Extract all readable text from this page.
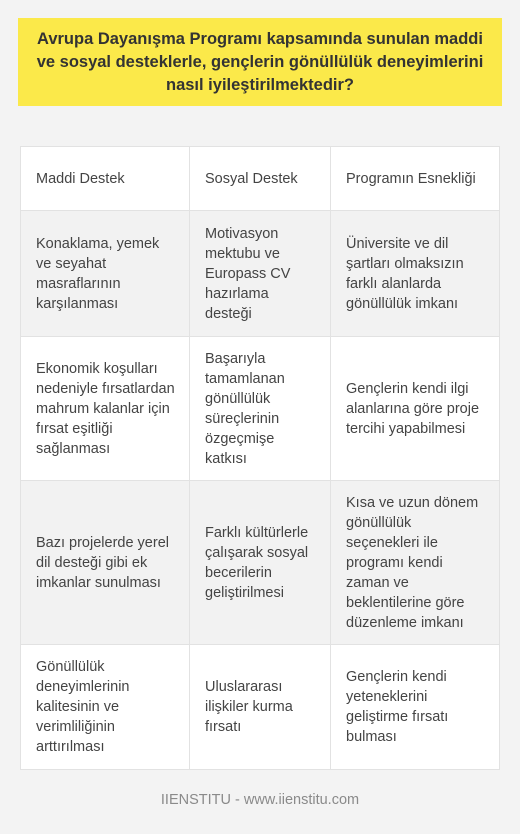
Avrupa Dayanışma Programı kapsamında sunulan maddi ve sosyal desteklerle, gençlerin gönüllülük deneyimlerini nasıl iyileştirilmektedir?
Maddi Destek	Sosyal Destek	Programın Esnekliği
Konaklama, yemek ve seyahat masraflarının karşılanması
Motivasyon mektubu ve Europass CV hazırlama desteği
Üniversite ve dil şartları olmaksızın farklı alanlarda gönüllülük imkanı
Ekonomik koşulları nedeniyle fırsatlardan mahrum kalanlar için fırsat eşitliği sağlanması
Başarıyla tamamlanan gönüllülük süreçlerinin özgeçmişe katkısı
Gençlerin kendi ilgi alanlarına göre proje tercihi yapabilmesi
Bazı projelerde yerel dil desteği gibi ek imkanlar sunulması
Farklı kültürlerle çalışarak sosyal becerilerin geliştirilmesi
Kısa ve uzun dönem gönüllülük seçenekleri ile programı kendi zaman ve beklentilerine göre düzenleme imkanı
Gönüllülük deneyimlerinin kalitesinin ve verimliliğinin arttırılması
Uluslararası ilişkiler kurma fırsatı
Gençlerin kendi yeteneklerini geliştirme fırsatı bulması
IIENSTITU - www.iienstitu.com
